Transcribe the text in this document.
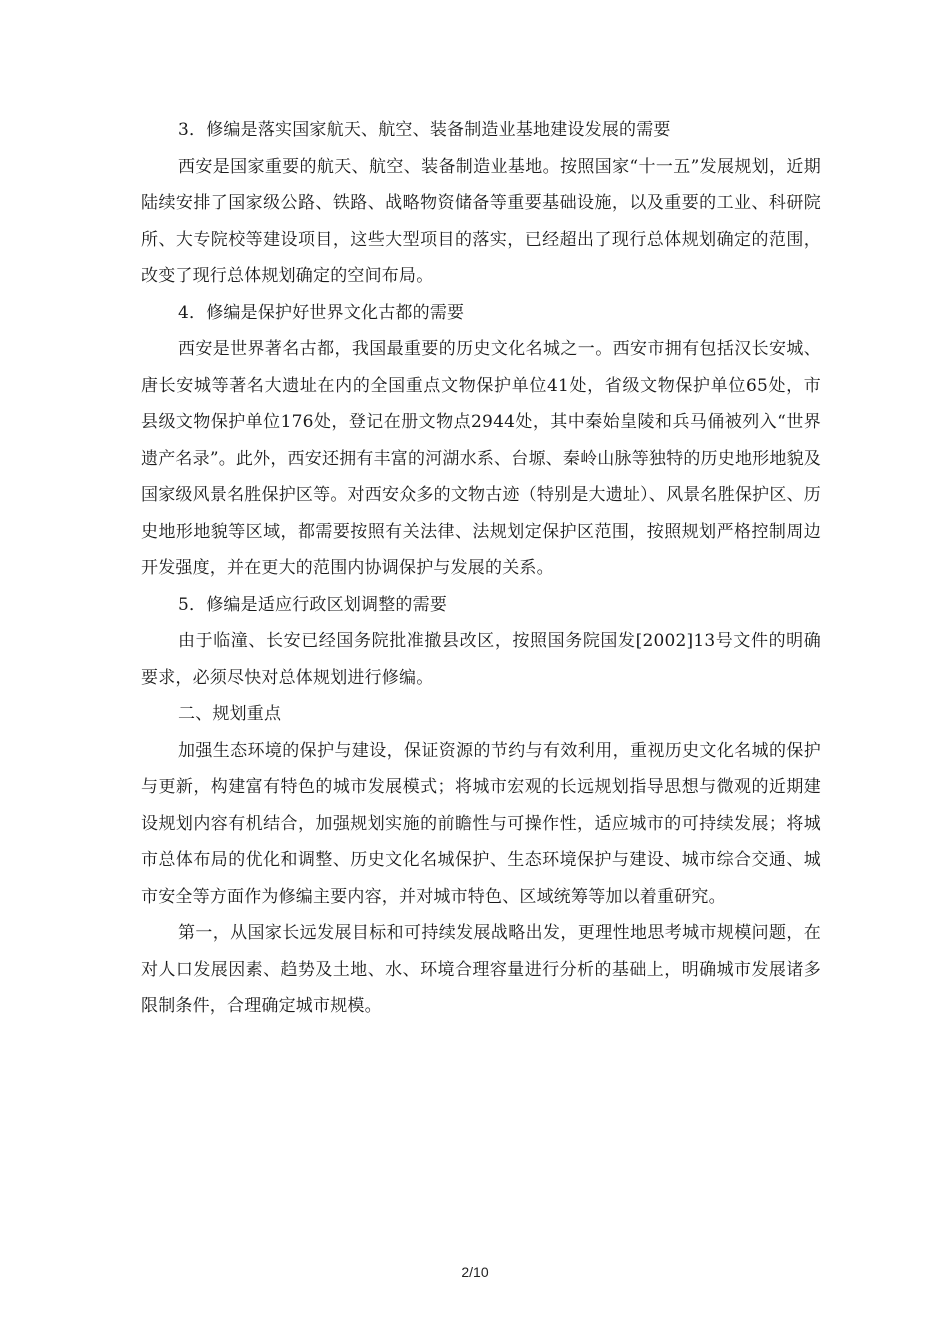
3．修编是落实国家航天、航空、装备制造业基地建设发展的需要

西安是国家重要的航天、航空、装备制造业基地。按照国家“十一五”发展规划，近期陆续安排了国家级公路、铁路、战略物资储备等重要基础设施，以及重要的工业、科研院所、大专院校等建设项目，这些大型项目的落实，已经超出了现行总体规划确定的范围，改变了现行总体规划确定的空间布局。

4．修编是保护好世界文化古都的需要

西安是世界著名古都，我国最重要的历史文化名城之一。西安市拥有包括汉长安城、唐长安城等著名大遗址在内的全国重点文物保护单位41处，省级文物保护单位65处，市县级文物保护单位176处，登记在册文物点2944处，其中秦始皇陵和兵马俑被列入“世界遗产名录”。此外，西安还拥有丰富的河湖水系、台塬、秦岭山脉等独特的历史地形地貌及国家级风景名胜保护区等。对西安众多的文物古迹（特别是大遗址）、风景名胜保护区、历史地形地貌等区域，都需要按照有关法律、法规划定保护区范围，按照规划严格控制周边开发强度，并在更大的范围内协调保护与发展的关系。

5．修编是适应行政区划调整的需要

由于临潼、长安已经国务院批准撤县改区，按照国务院国发[2002]13号文件的明确要求，必须尽快对总体规划进行修编。

二、规划重点

加强生态环境的保护与建设，保证资源的节约与有效利用，重视历史文化名城的保护与更新，构建富有特色的城市发展模式；将城市宏观的长远规划指导思想与微观的近期建设规划内容有机结合，加强规划实施的前瞻性与可操作性，适应城市的可持续发展；将城市总体布局的优化和调整、历史文化名城保护、生态环境保护与建设、城市综合交通、城市安全等方面作为修编主要内容，并对城市特色、区域统筹等加以着重研究。

第一，从国家长远发展目标和可持续发展战略出发，更理性地思考城市规模问题，在对人口发展因素、趋势及土地、水、环境合理容量进行分析的基础上，明确城市发展诸多限制条件，合理确定城市规模。

2/10
